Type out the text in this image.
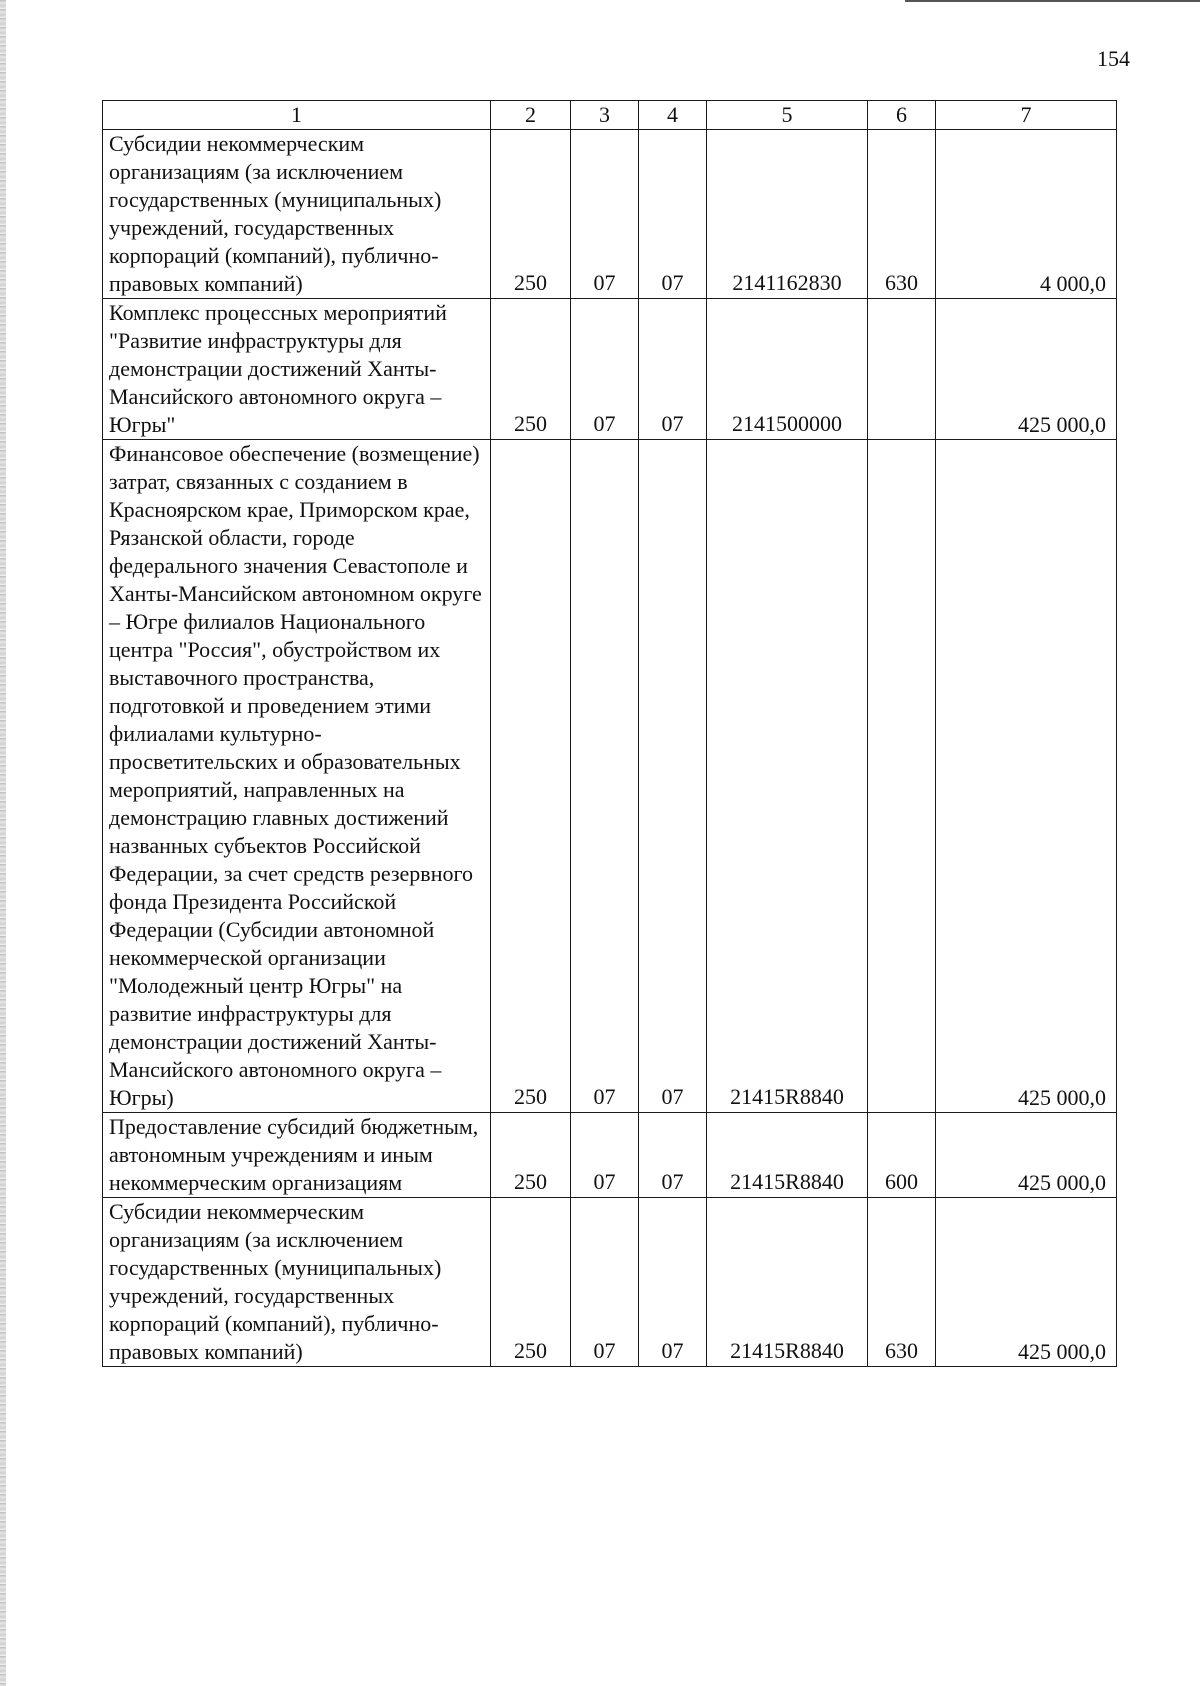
154
1	2	3	4	5	6	7
Субсидии некоммерческим организациям (за исключением государственных (муниципальных) учреждений, государственных корпораций (компаний), публично-правовых компаний)	250	07	07	2141162830	630	4 000,0
Комплекс процессных мероприятий "Развитие инфраструктуры для демонстрации достижений Ханты-Мансийского автономного округа – Югры"	250	07	07	2141500000		425 000,0
Финансовое обеспечение (возмещение) затрат, связанных с созданием в Красноярском крае, Приморском крае, Рязанской области, городе федерального значения Севастополе и Ханты-Мансийском автономном округе – Югре филиалов Национального центра "Россия", обустройством их выставочного пространства, подготовкой и проведением этими филиалами культурно-просветительских и образовательных мероприятий, направленных на демонстрацию главных достижений названных субъектов Российской Федерации, за счет средств резервного фонда Президента Российской Федерации (Субсидии автономной некоммерческой организации "Молодежный центр Югры" на развитие инфраструктуры для демонстрации достижений Ханты-Мансийского автономного округа – Югры)	250	07	07	21415R8840		425 000,0
Предоставление субсидий бюджетным, автономным учреждениям и иным некоммерческим организациям	250	07	07	21415R8840	600	425 000,0
Субсидии некоммерческим организациям (за исключением государственных (муниципальных) учреждений, государственных корпораций (компаний), публично-правовых компаний)	250	07	07	21415R8840	630	425 000,0
